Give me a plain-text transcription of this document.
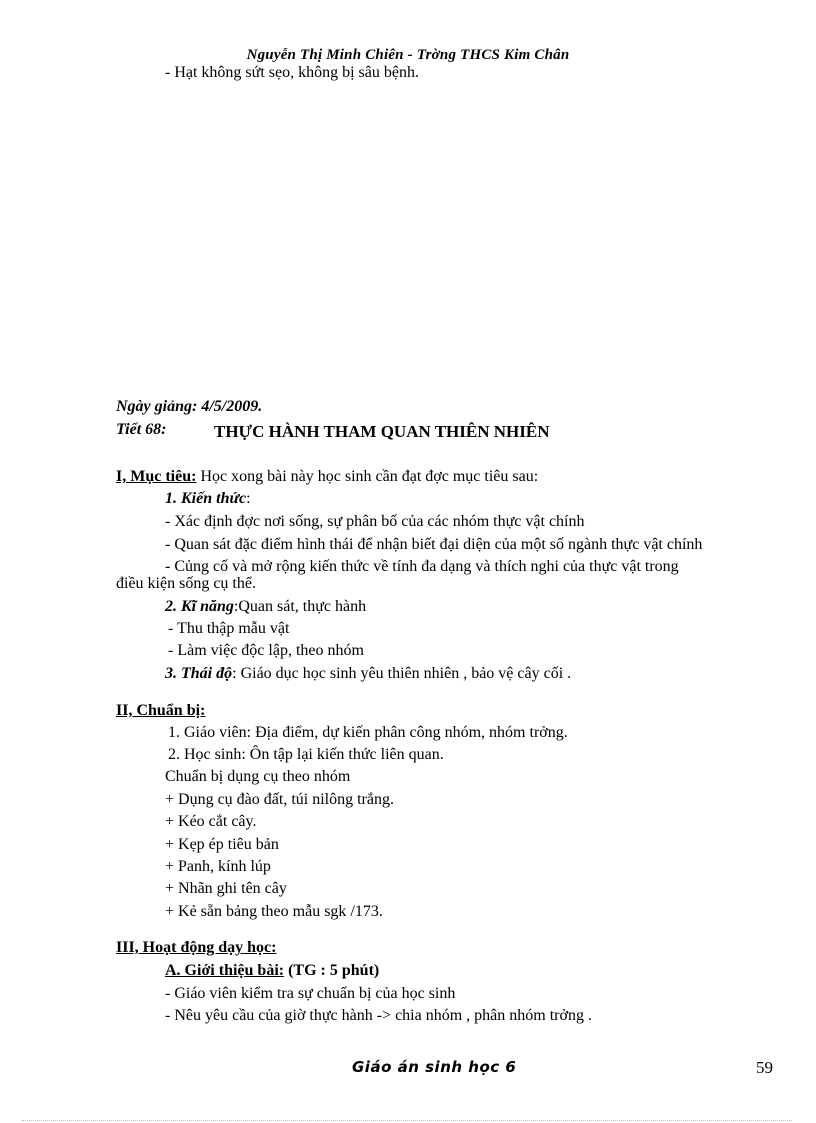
Nguyễn Thị Minh Chiên - Trờng THCS Kim Chân
- Hạt không sứt sẹo, không bị sâu bệnh.
Ngày giảng: 4/5/2009.
Tiết 68:	THỰC HÀNH THAM QUAN THIÊN NHIÊN
I, Mục tiêu: Học xong bài này học sinh cần đạt đợc mục tiêu sau:
1. Kiến thức:
- Xác định đợc nơi sống, sự phân bố của các nhóm thực vật chính
- Quan sát đặc điểm hình thái để nhận biết đại diện của một số ngành thực vật chính
- Củng cố và mở rộng kiến thức về tính đa dạng và thích nghi của thực vật trong
điều kiện sống cụ thể.
2. Kĩ năng:Quan sát, thực hành
- Thu thập mẫu vật
- Làm việc độc lập, theo nhóm
3. Thái độ: Giáo dục học sinh yêu thiên nhiên , bảo vệ cây cối .
II, Chuẩn bị:
1. Giáo viên: Địa điểm, dự kiến phân công nhóm, nhóm trởng.
2. Học sinh: Ôn tập lại kiến thức liên quan.
Chuẩn bị dụng cụ theo nhóm
+ Dụng cụ đào đất, túi nilông trắng.
+ Kéo cắt cây.
+ Kẹp ép tiêu bản
+ Panh, kính lúp
+ Nhãn ghi tên cây
+ Kẻ sẵn bảng theo mẫu sgk /173.
III, Hoạt động dạy học:
A. Giới thiệu bài: (TG : 5 phút)
- Giáo viên kiểm tra sự chuẩn bị của học sinh
- Nêu yêu cầu của giờ thực hành -> chia nhóm , phân nhóm trởng .
Giáo án sinh học 6	59
